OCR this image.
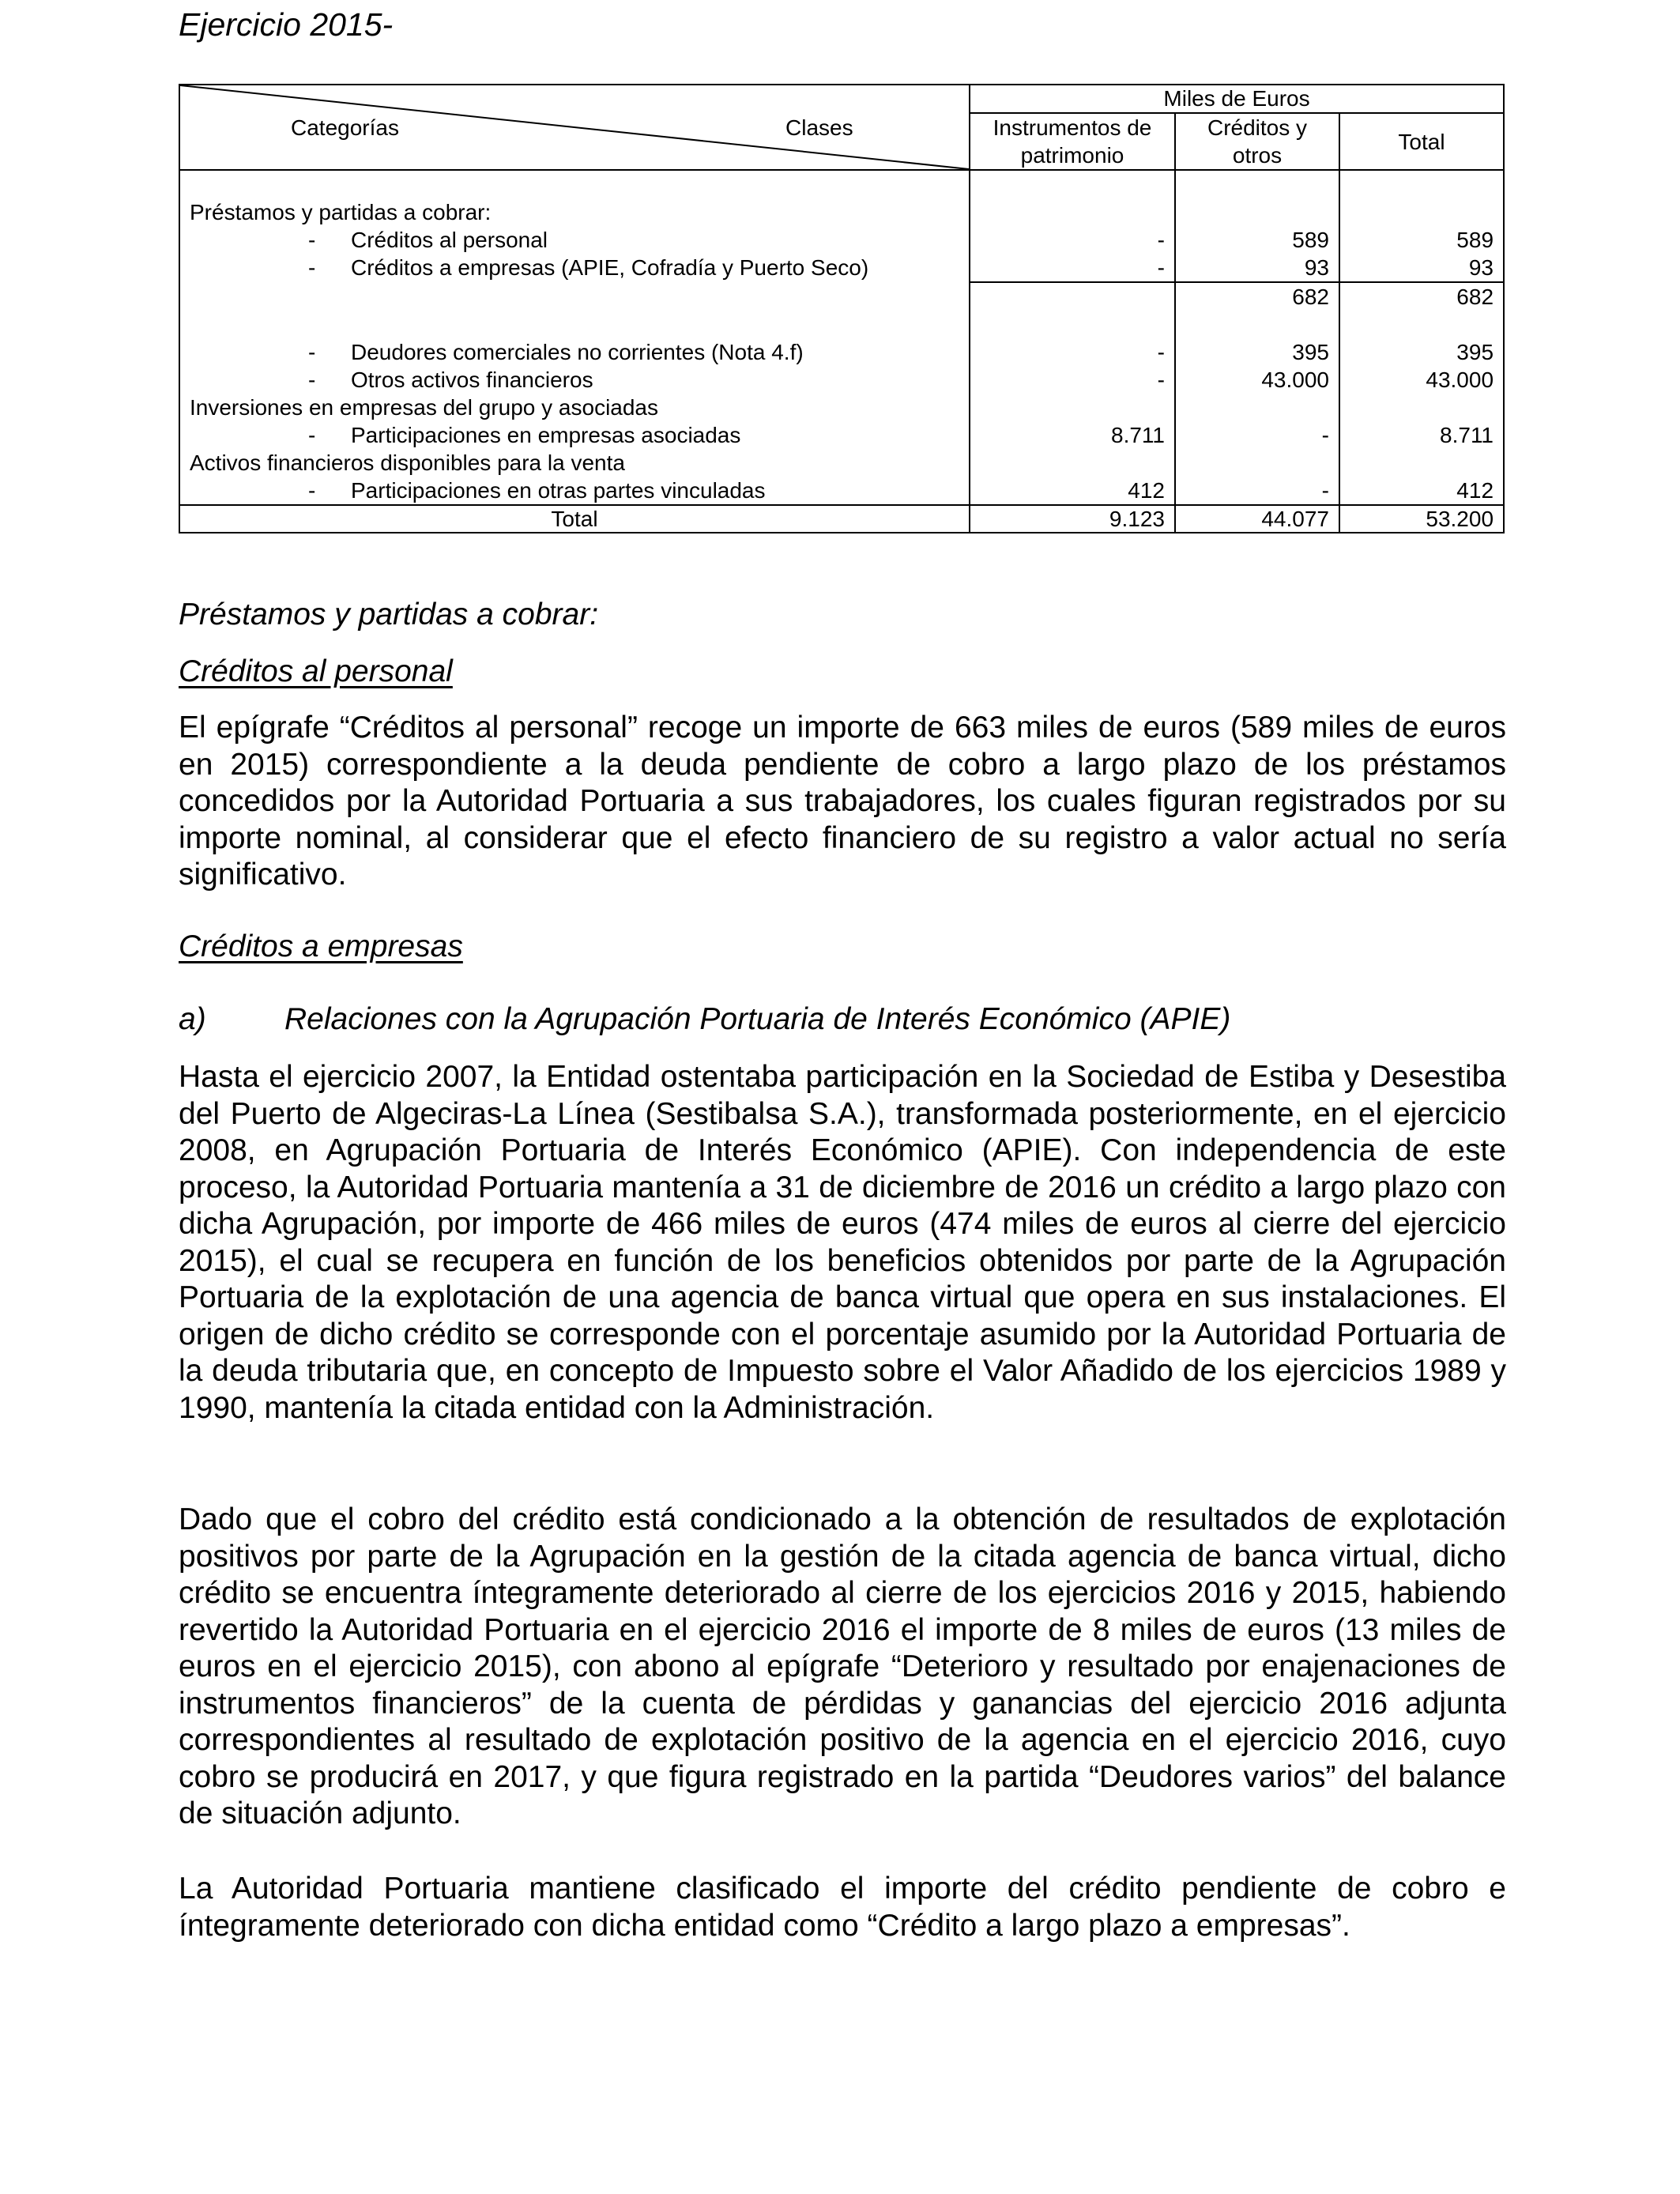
Ejercicio 2015-
Categorías Clases	Miles de Euros		
	Instrumentos de patrimonio	Créditos y otros	Total

Préstamos y partidas a cobrar:			

- Créditos al personal	-	589	589

- Créditos a empresas (APIE, Cofradía y Puerto Seco)	-	93	93
		682	682

- Deudores comerciales no corrientes (Nota 4.f)	-	395	395

- Otros activos financieros	-	43.000	43.000
Inversiones en empresas del grupo y asociadas			

- Participaciones en empresas asociadas	8.711	-	8.711
Activos financieros disponibles para la venta			

- Participaciones en otras partes vinculadas	412	-	412
Total	9.123	44.077	53.200
Préstamos y partidas a cobrar:
Créditos al personal

El epígrafe “Créditos al personal” recoge un importe de 663 miles de euros (589 miles de euros en 2015) correspondiente a la deuda pendiente de cobro a largo plazo de los préstamos concedidos por la Autoridad Portuaria a sus trabajadores, los cuales figuran registrados por su importe nominal, al considerar que el efecto financiero de su registro a valor actual no sería significativo.

Créditos a empresas
a)	Relaciones con la Agrupación Portuaria de Interés Económico (APIE)

Hasta el ejercicio 2007, la Entidad ostentaba participación en la Sociedad de Estiba y Desestiba del Puerto de Algeciras-La Línea (Sestibalsa S.A.), transformada posteriormente, en el ejercicio 2008, en Agrupación Portuaria de Interés Económico (APIE). Con independencia de este proceso, la Autoridad Portuaria mantenía a 31 de diciembre de 2016 un crédito a largo plazo con dicha Agrupación, por importe de 466 miles de euros (474 miles de euros al cierre del ejercicio 2015), el cual se recupera en función de los beneficios obtenidos por parte de la Agrupación Portuaria de la explotación de una agencia de banca virtual que opera en sus instalaciones. El origen de dicho crédito se corresponde con el porcentaje asumido por la Autoridad Portuaria de la deuda tributaria que, en concepto de Impuesto sobre el Valor Añadido de los ejercicios 1989 y 1990, mantenía la citada entidad con la Administración.

Dado que el cobro del crédito está condicionado a la obtención de resultados de explotación positivos por parte de la Agrupación en la gestión de la citada agencia de banca virtual, dicho crédito se encuentra íntegramente deteriorado al cierre de los ejercicios 2016 y 2015, habiendo revertido la Autoridad Portuaria en el ejercicio 2016 el importe de 8 miles de euros (13 miles de euros en el ejercicio 2015), con abono al epígrafe “Deterioro y resultado por enajenaciones de instrumentos financieros” de la cuenta de pérdidas y ganancias del ejercicio 2016 adjunta correspondientes al resultado de explotación positivo de la agencia en el ejercicio 2016, cuyo cobro se producirá en 2017, y que figura registrado en la partida “Deudores varios” del balance de situación adjunto.

La Autoridad Portuaria mantiene clasificado el importe del crédito pendiente de cobro e íntegramente deteriorado con dicha entidad como “Crédito a largo plazo a empresas”.
